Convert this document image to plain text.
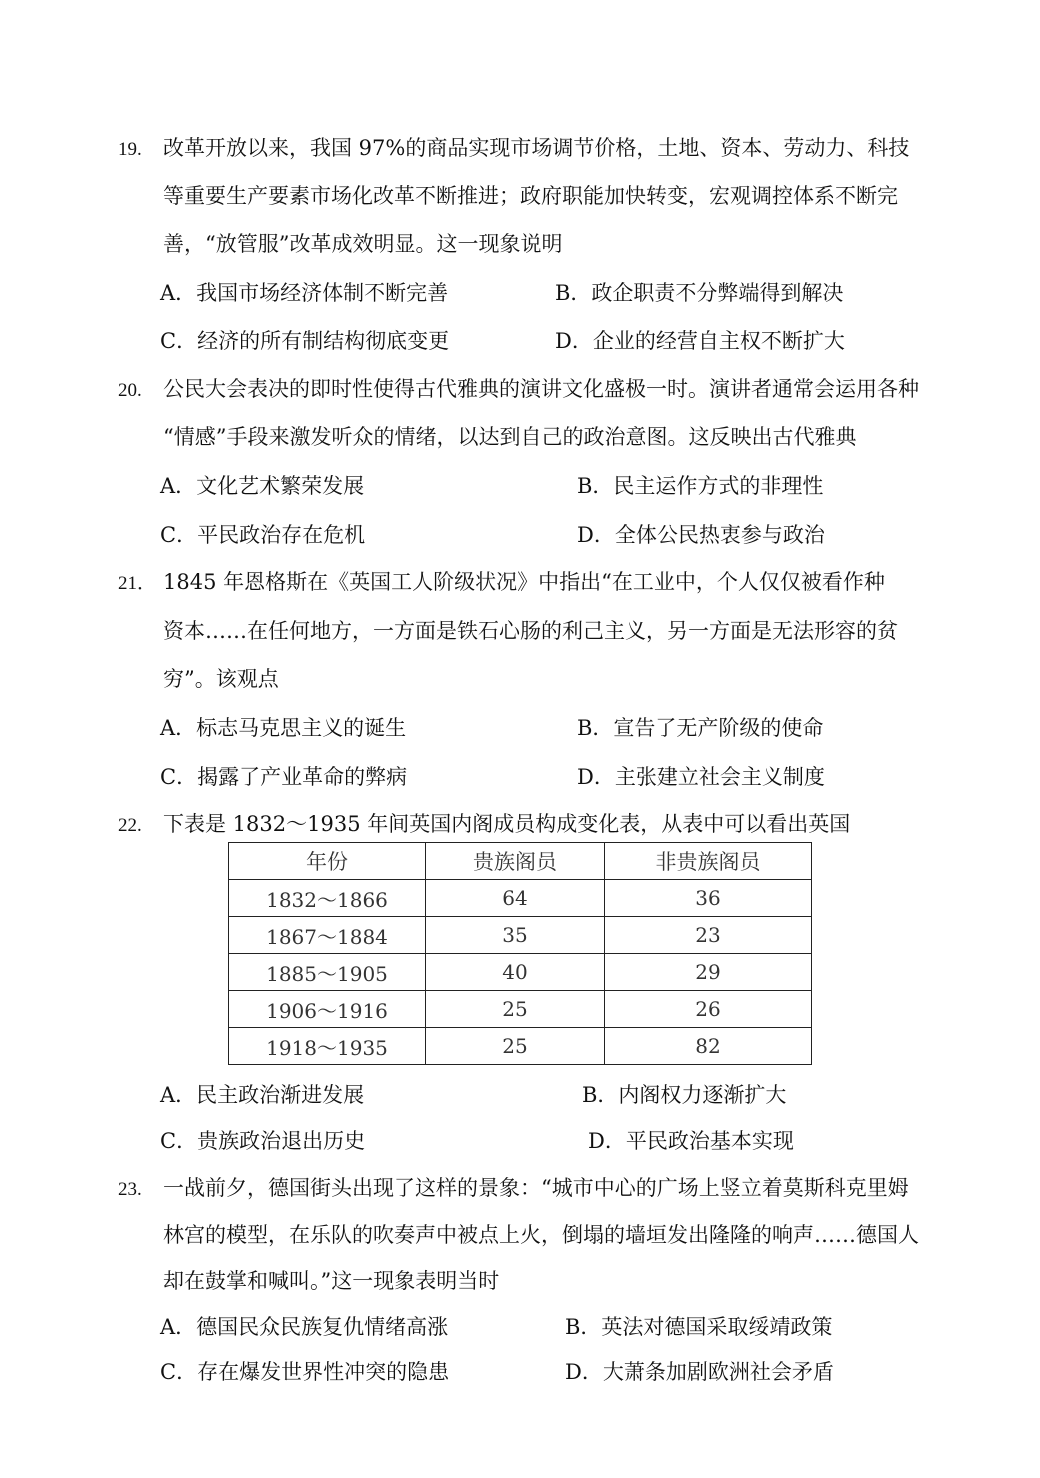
19. 改革开放以来，我国 97%的商品实现市场调节价格，土地、资本、劳动力、科技
等重要生产要素市场化改革不断推进；政府职能加快转变，宏观调控体系不断完
善，“放管服”改革成效明显。这一现象说明
A．我国市场经济体制不断完善	B．政企职责不分弊端得到解决
C．经济的所有制结构彻底变更	D．企业的经营自主权不断扩大
20. 公民大会表决的即时性使得古代雅典的演讲文化盛极一时。演讲者通常会运用各种
“情感”手段来激发听众的情绪，以达到自己的政治意图。这反映出古代雅典
A．文化艺术繁荣发展	B．民主运作方式的非理性
C．平民政治存在危机	D．全体公民热衷参与政治
21． 1845 年恩格斯在《英国工人阶级状况》中指出“在工业中，个人仅仅被看作种
资本……在任何地方，一方面是铁石心肠的利己主义，另一方面是无法形容的贫
穷”。该观点
A．标志马克思主义的诞生	B．宣告了无产阶级的使命
C．揭露了产业革命的弊病	D．主张建立社会主义制度
22. 下表是 1832～1935 年间英国内阁成员构成变化表，从表中可以看出英国
年份	贵族阁员	非贵族阁员
1832～1866	64	36
1867～1884	35	23
1885～1905	40	29
1906～1916	25	26
1918～1935	25	82
A．民主政治渐进发展	B．内阁权力逐渐扩大
C．贵族政治退出历史	D．平民政治基本实现
23. 一战前夕，德国街头出现了这样的景象：“城市中心的广场上竖立着莫斯科克里姆
林宫的模型，在乐队的吹奏声中被点上火，倒塌的墙垣发出隆隆的响声……德国人
却在鼓掌和喊叫。”这一现象表明当时
A．德国民众民族复仇情绪高涨	B．英法对德国采取绥靖政策
C．存在爆发世界性冲突的隐患	D．大萧条加剧欧洲社会矛盾
